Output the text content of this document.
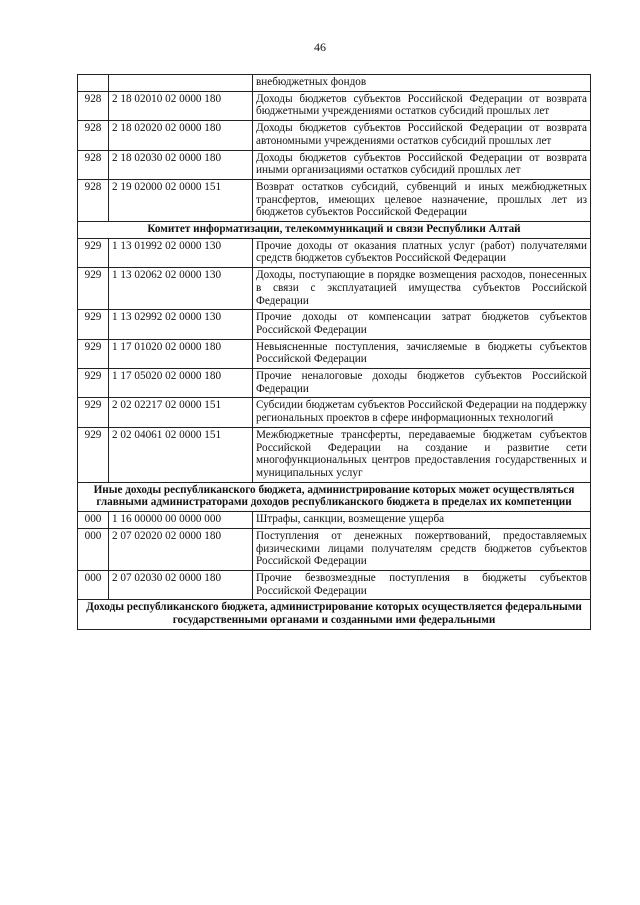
46
		внебюджетных фондов
928	2 18 02010 02 0000 180	Доходы бюджетов субъектов Российской Федерации от возврата бюджетными учреждениями остатков субсидий прошлых лет
928	2 18 02020 02 0000 180	Доходы бюджетов субъектов Российской Федерации от возврата автономными учреждениями остатков субсидий прошлых лет
928	2 18 02030 02 0000 180	Доходы бюджетов субъектов Российской Федерации от возврата иными организациями остатков субсидий прошлых лет
928	2 19 02000 02 0000 151	Возврат остатков субсидий, субвенций и иных межбюджетных трансфертов, имеющих целевое назначение, прошлых лет из бюджетов субъектов Российской Федерации
Комитет информатизации, телекоммуникаций и связи Республики Алтай		
929	1 13 01992 02 0000 130	Прочие доходы от оказания платных услуг (работ) получателями средств бюджетов субъектов Российской Федерации
929	1 13 02062 02 0000 130	Доходы, поступающие в порядке возмещения расходов, понесенных в связи с эксплуатацией имущества субъектов Российской Федерации
929	1 13 02992 02 0000 130	Прочие доходы от компенсации затрат бюджетов субъектов Российской Федерации
929	1 17 01020 02 0000 180	Невыясненные поступления, зачисляемые в бюджеты субъектов Российской Федерации
929	1 17 05020 02 0000 180	Прочие неналоговые доходы бюджетов субъектов Российской Федерации
929	2 02 02217 02 0000 151	Субсидии бюджетам субъектов Российской Федерации на поддержку региональных проектов в сфере информационных технологий
929	2 02 04061 02 0000 151	Межбюджетные трансферты, передаваемые бюджетам субъектов Российской Федерации на создание и развитие сети многофункциональных центров предоставления государственных и муниципальных услуг
Иные доходы республиканского бюджета, администрирование которых может осуществляться главными администраторами доходов республиканского бюджета в пределах их компетенции		
000	1 16 00000 00 0000 000	Штрафы, санкции, возмещение ущерба
000	2 07 02020 02 0000 180	Поступления от денежных пожертвований, предоставляемых физическими лицами получателям средств бюджетов субъектов Российской Федерации
000	2 07 02030 02 0000 180	Прочие безвозмездные поступления в бюджеты субъектов Российской Федерации
Доходы республиканского бюджета, администрирование которых осуществляется федеральными государственными органами и созданными ими федеральными		
